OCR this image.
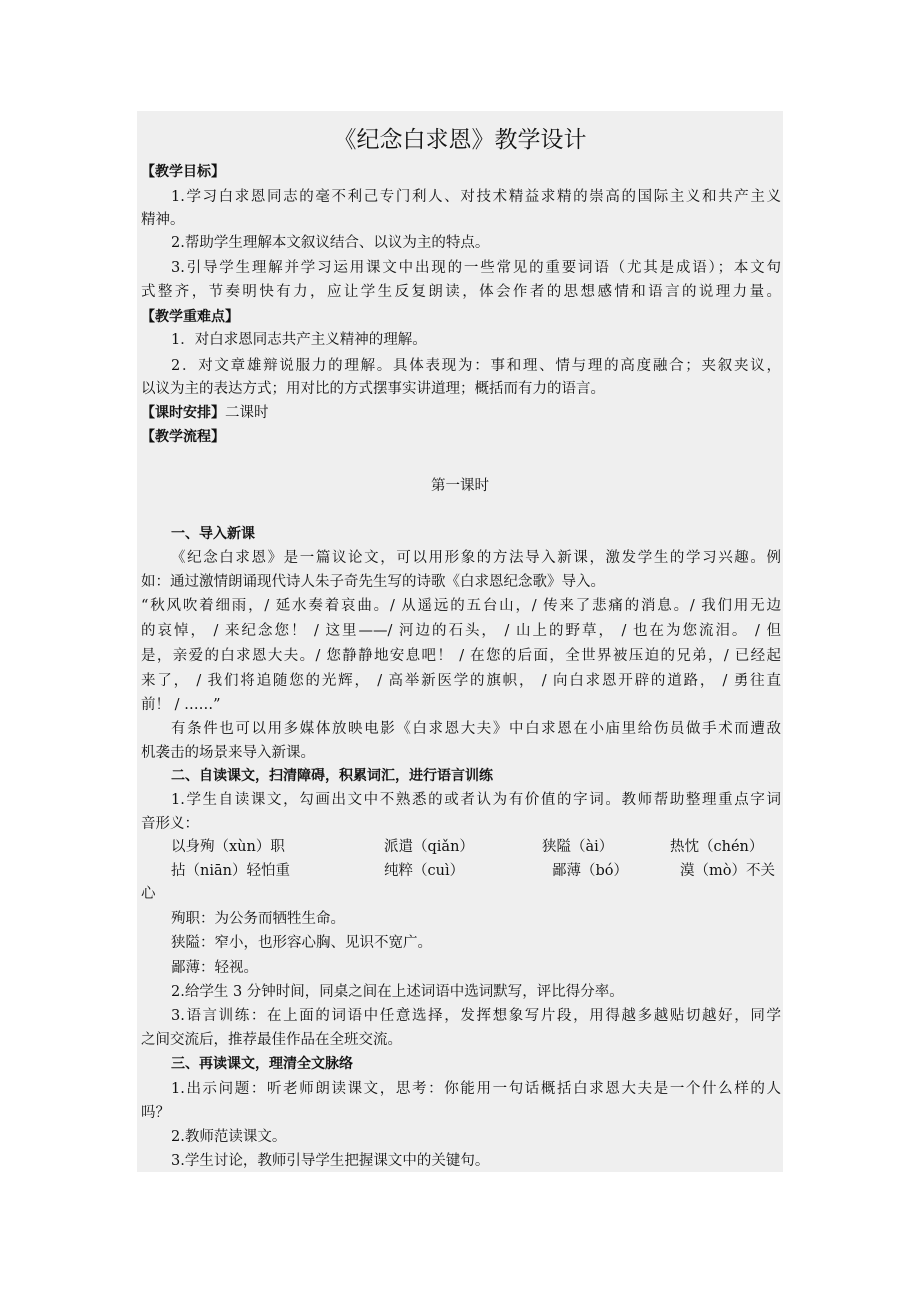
《纪念白求恩》教学设计
【教学目标】
1.学习白求恩同志的毫不利己专门利人、对技术精益求精的崇高的国际主义和共产主义
精神。
2.帮助学生理解本文叙议结合、以议为主的特点。
3.引导学生理解并学习运用课文中出现的一些常见的重要词语（尤其是成语）；本文句
式整齐，节奏明快有力，应让学生反复朗读，体会作者的思想感情和语言的说理力量。
【教学重难点】
1．对白求恩同志共产主义精神的理解。
2．对文章雄辩说服力的理解。具体表现为：事和理、情与理的高度融合；夹叙夹议，
以议为主的表达方式；用对比的方式摆事实讲道理；概括而有力的语言。
【课时安排】二课时
【教学流程】
第一课时
一、导入新课
《纪念白求恩》是一篇议论文，可以用形象的方法导入新课，激发学生的学习兴趣。例
如：通过激情朗诵现代诗人朱子奇先生写的诗歌《白求恩纪念歌》导入。
“秋风吹着细雨，/ 延水奏着哀曲。/ 从遥远的五台山，/ 传来了悲痛的消息。/ 我们用无边
的哀悼， / 来纪念您！ / 这里——/ 河边的石头， / 山上的野草， / 也在为您流泪。 / 但
是，亲爱的白求恩大夫。/ 您静静地安息吧！ / 在您的后面，全世界被压迫的兄弟，/ 已经起
来了， / 我们将追随您的光辉， / 高举新医学的旗帜， / 向白求恩开辟的道路， / 勇往直
前！ / ……”
有条件也可以用多媒体放映电影《白求恩大夫》中白求恩在小庙里给伤员做手术而遭敌
机袭击的场景来导入新课。
二、自读课文，扫清障碍，积累词汇，进行语言训练
1.学生自读课文，勾画出文中不熟悉的或者认为有价值的字词。教师帮助整理重点字词
音形义：
以身殉（xùn）职	派遣（qiǎn）	狭隘（ài）	热忱（chén）
拈（niān）轻怕重	纯粹（cuì）	鄙薄（bó）	漠（mò）不关
心
殉职：为公务而牺牲生命。
狭隘：窄小，也形容心胸、见识不宽广。
鄙薄：轻视。
2.给学生 3 分钟时间，同桌之间在上述词语中选词默写，评比得分率。
3.语言训练：在上面的词语中任意选择，发挥想象写片段，用得越多越贴切越好，同学
之间交流后，推荐最佳作品在全班交流。
三、再读课文，理清全文脉络
1.出示问题：听老师朗读课文，思考：你能用一句话概括白求恩大夫是一个什么样的人
吗？
2.教师范读课文。
3.学生讨论，教师引导学生把握课文中的关键句。
